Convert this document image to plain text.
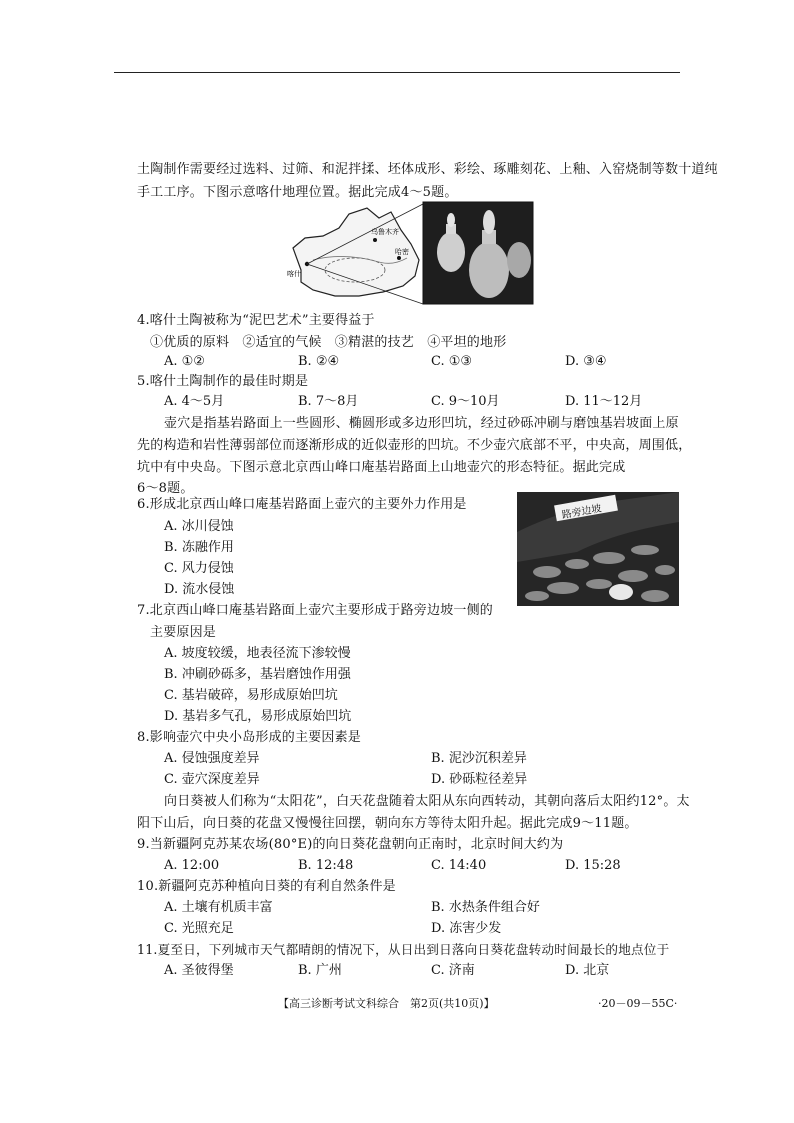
土陶制作需要经过选料、过筛、和泥拌揉、坯体成形、彩绘、琢雕刻花、上釉、入窑烧制等数十道纯
手工工序。下图示意喀什地理位置。据此完成4～5题。
乌鲁木齐
哈密
喀什
4.喀什土陶被称为“泥巴艺术”主要得益于
①优质的原料　②适宜的气候　③精湛的技艺　④平坦的地形
A. ①②	B. ②④	C. ①③	D. ③④
5.喀什土陶制作的最佳时期是
A. 4～5月	B. 7～8月	C. 9～10月	D. 11～12月
壶穴是指基岩路面上一些圆形、椭圆形或多边形凹坑，经过砂砾冲刷与磨蚀基岩坡面上原
先的构造和岩性薄弱部位而逐渐形成的近似壶形的凹坑。不少壶穴底部不平，中央高，周围低，
坑中有中央岛。下图示意北京西山峰口庵基岩路面上山地壶穴的形态特征。据此完成
6～8题。
路旁边坡
6.形成北京西山峰口庵基岩路面上壶穴的主要外力作用是
A. 冰川侵蚀
B. 冻融作用
C. 风力侵蚀
D. 流水侵蚀
7.北京西山峰口庵基岩路面上壶穴主要形成于路旁边坡一侧的
主要原因是
A. 坡度较缓，地表径流下渗较慢
B. 冲刷砂砾多，基岩磨蚀作用强
C. 基岩破碎，易形成原始凹坑
D. 基岩多气孔，易形成原始凹坑
8.影响壶穴中央小岛形成的主要因素是
A. 侵蚀强度差异	B. 泥沙沉积差异
C. 壶穴深度差异	D. 砂砾粒径差异
向日葵被人们称为“太阳花”，白天花盘随着太阳从东向西转动，其朝向落后太阳约12°。太
阳下山后，向日葵的花盘又慢慢往回摆，朝向东方等待太阳升起。据此完成9～11题。
9.当新疆阿克苏某农场(80°E)的向日葵花盘朝向正南时，北京时间大约为
A. 12:00	B. 12:48	C. 14:40	D. 15:28
10.新疆阿克苏种植向日葵的有利自然条件是
A. 土壤有机质丰富	B. 水热条件组合好
C. 光照充足	D. 冻害少发
11.夏至日，下列城市天气都晴朗的情况下，从日出到日落向日葵花盘转动时间最长的地点位于
A. 圣彼得堡	B. 广州	C. 济南	D. 北京
【高三诊断考试文科综合　第2页(共10页)】	·20－09－55C·
